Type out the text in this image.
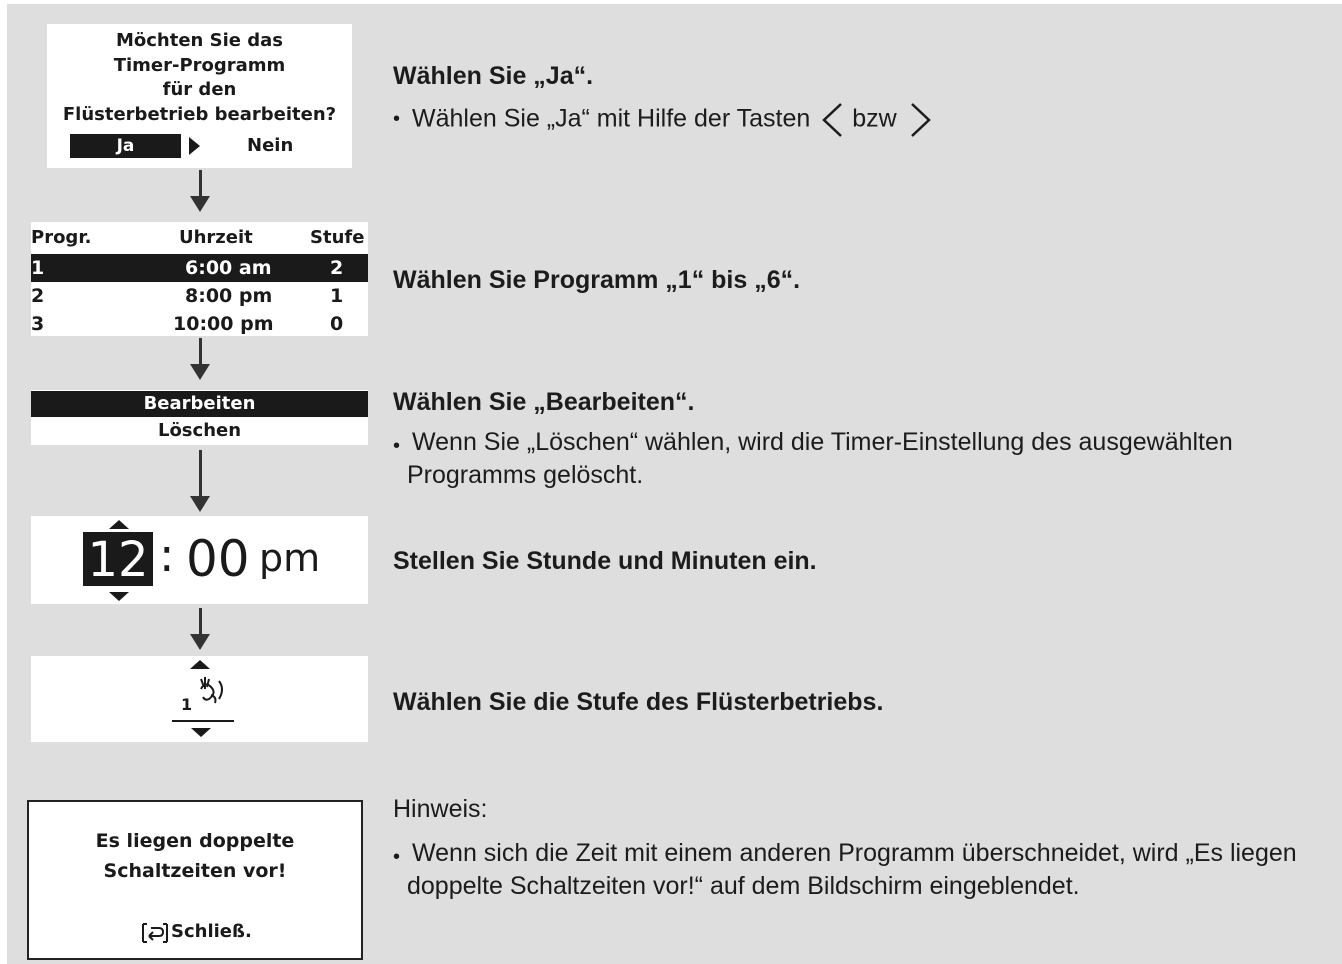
Möchten Sie das
Timer-Programm
für den
Flüsterbetrieb bearbeiten?
Ja	Nein
Progr.	Uhrzeit	Stufe
1	6:00 am	2
2	8:00 pm	1
3	10:00 pm	0
Bearbeiten
Löschen
12 : 00 pm
1
Es liegen doppelte
Schaltzeiten vor!
Schließ.
Wählen Sie „Ja“.
• Wählen Sie „Ja“ mit Hilfe der Tasten bzw
Wählen Sie Programm „1“ bis „6“.
Wählen Sie „Bearbeiten“.
• Wenn Sie „Löschen“ wählen, wird die Timer-Einstellung des ausgewählten
Programms gelöscht.
Stellen Sie Stunde und Minuten ein.
Wählen Sie die Stufe des Flüsterbetriebs.
Hinweis:
• Wenn sich die Zeit mit einem anderen Programm überschneidet, wird „Es liegen
doppelte Schaltzeiten vor!“ auf dem Bildschirm eingeblendet.
